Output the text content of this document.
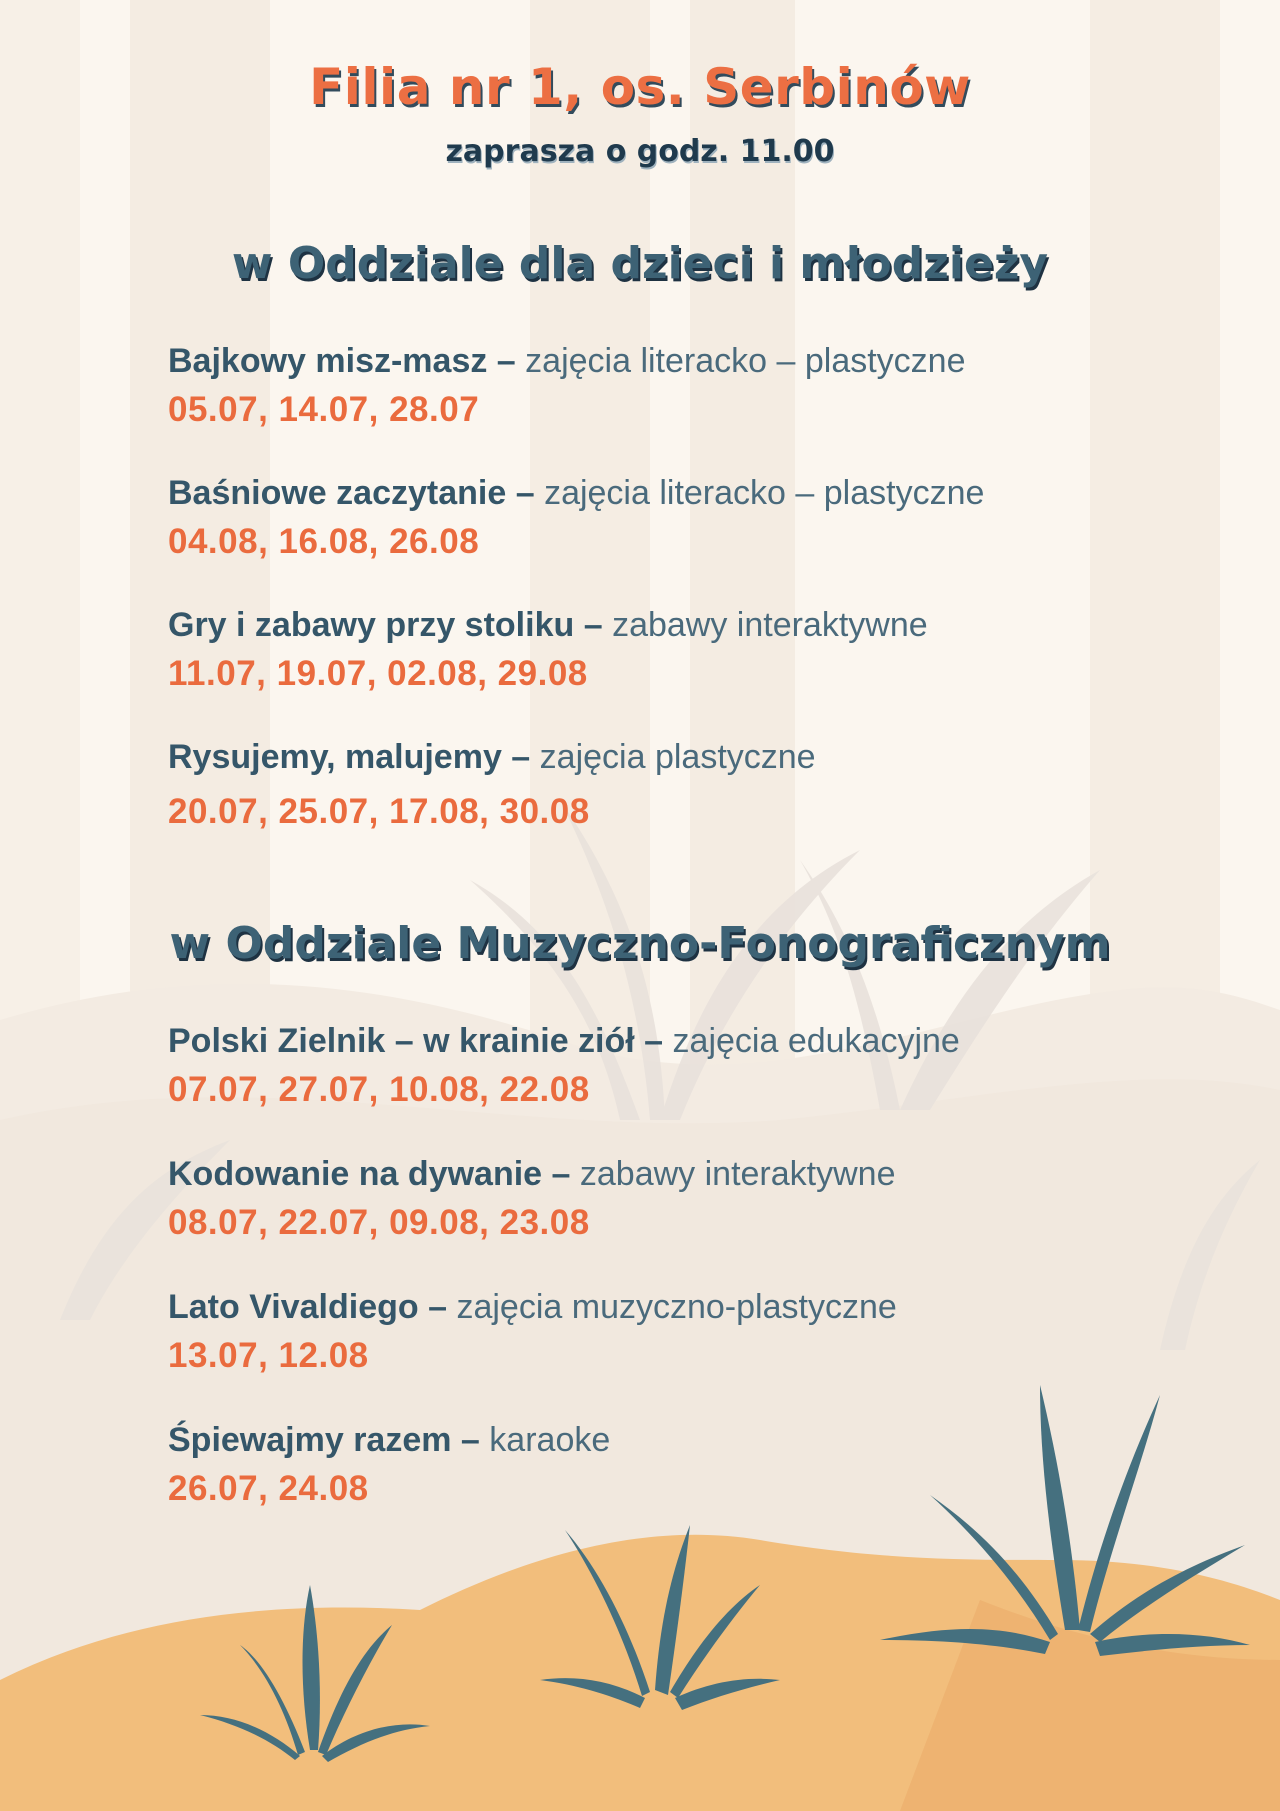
Filia nr 1, os. Serbinów
zaprasza o godz. 11.00
w Oddziale dla dzieci i młodzieży
Bajkowy misz-masz – zajęcia literacko – plastyczne
05.07, 14.07, 28.07
Baśniowe zaczytanie – zajęcia literacko – plastyczne
04.08, 16.08, 26.08
Gry i zabawy przy stoliku – zabawy interaktywne
11.07, 19.07, 02.08, 29.08
Rysujemy, malujemy – zajęcia plastyczne
20.07, 25.07, 17.08, 30.08
w Oddziale Muzyczno-Fonograficznym
Polski Zielnik – w krainie ziół – zajęcia edukacyjne
07.07, 27.07, 10.08, 22.08
Kodowanie na dywanie – zabawy interaktywne
08.07, 22.07, 09.08, 23.08
Lato Vivaldiego – zajęcia muzyczno-plastyczne
13.07, 12.08
Śpiewajmy razem – karaoke
26.07, 24.08
